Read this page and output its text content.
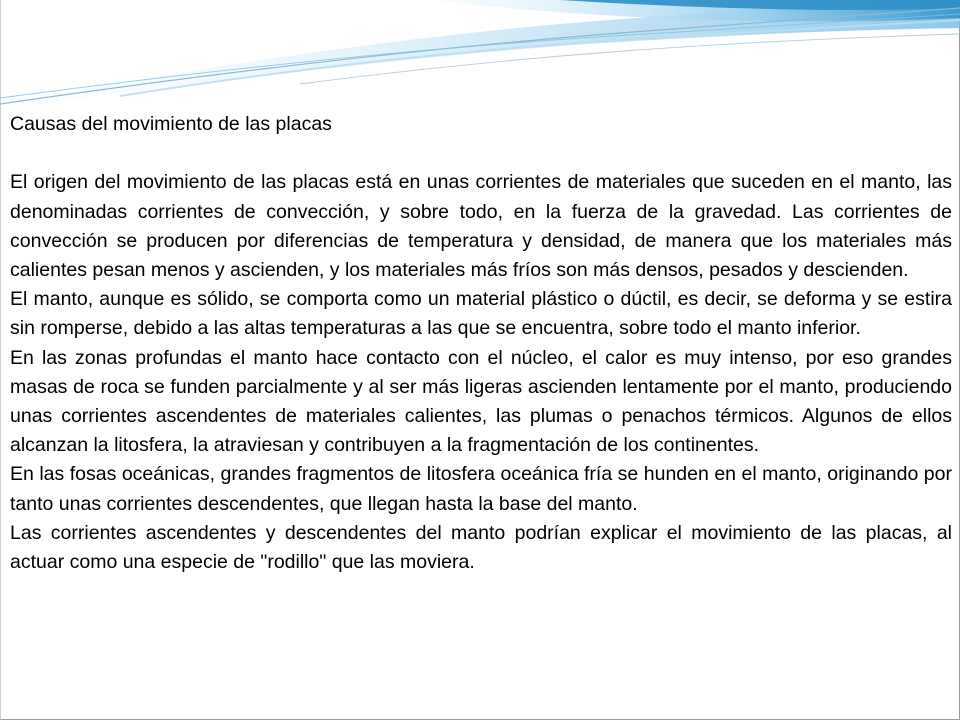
Causas del movimiento de las placas

El origen del movimiento de las placas está en unas corrientes de materiales que suceden en el manto, las denominadas corrientes de convección, y sobre todo, en la fuerza de la gravedad. Las corrientes de convección se producen por diferencias de temperatura y densidad, de manera que los materiales más calientes pesan menos y ascienden, y los materiales más fríos son más densos, pesados y descienden.

El manto, aunque es sólido, se comporta como un material plástico o dúctil, es decir, se deforma y se estira sin romperse, debido a las altas temperaturas a las que se encuentra, sobre todo el manto inferior.

En las zonas profundas el manto hace contacto con el núcleo, el calor es muy intenso, por eso grandes masas de roca se funden parcialmente y al ser más ligeras ascienden lentamente por el manto, produciendo unas corrientes ascendentes de materiales calientes, las plumas o penachos térmicos. Algunos de ellos alcanzan la litosfera, la atraviesan y contribuyen a la fragmentación de los continentes.

En las fosas oceánicas, grandes fragmentos de litosfera oceánica fría se hunden en el manto, originando por tanto unas corrientes descendentes, que llegan hasta la base del manto.

Las corrientes ascendentes y descendentes del manto podrían explicar el movimiento de las placas, al actuar como una especie de "rodillo" que las moviera.
